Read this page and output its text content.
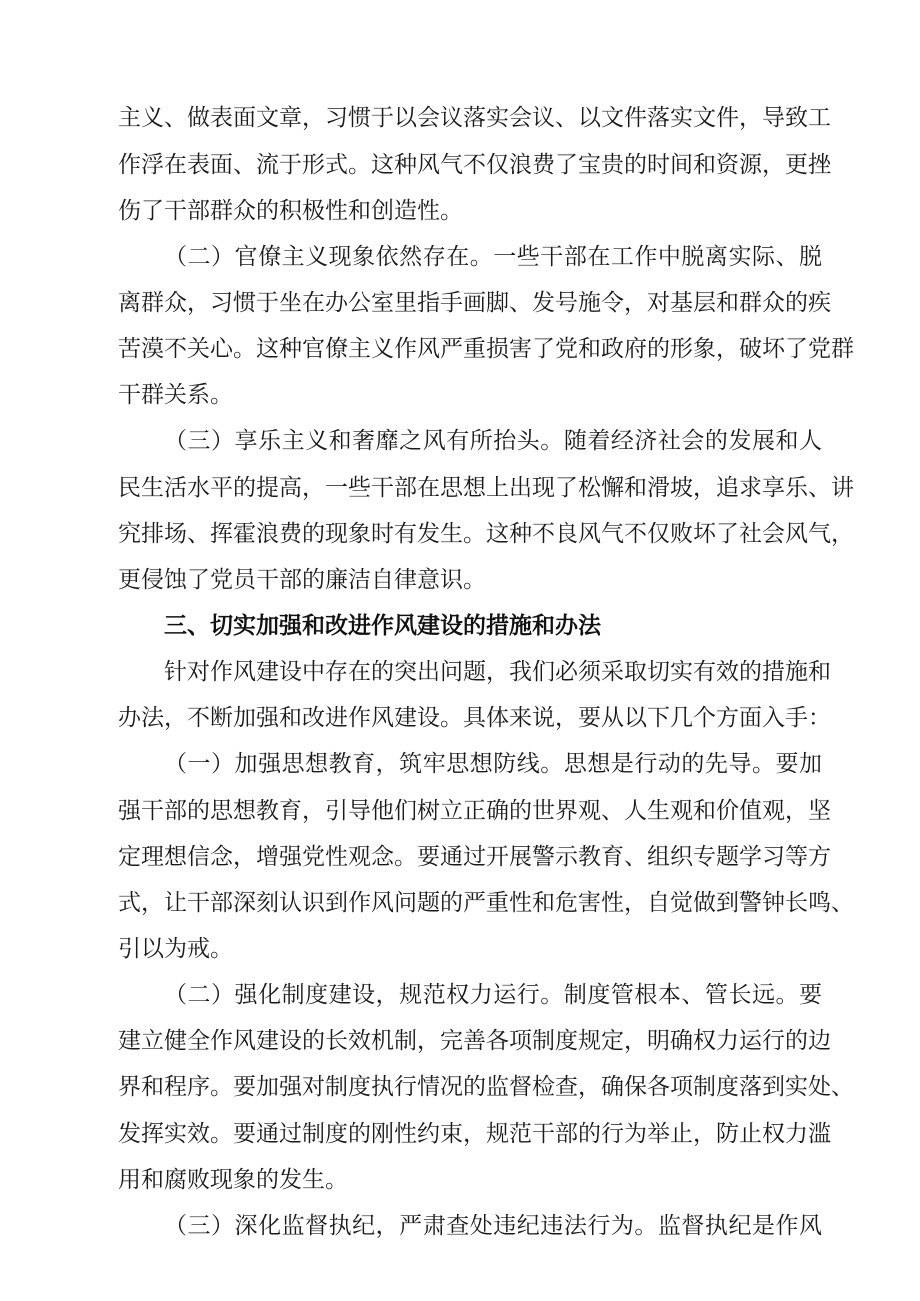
主义、做表面文章，习惯于以会议落实会议、以文件落实文件，导致工
作浮在表面、流于形式。这种风气不仅浪费了宝贵的时间和资源，更挫
伤了干部群众的积极性和创造性。
（二）官僚主义现象依然存在。一些干部在工作中脱离实际、脱
离群众，习惯于坐在办公室里指手画脚、发号施令，对基层和群众的疾
苦漠不关心。这种官僚主义作风严重损害了党和政府的形象，破坏了党群
干群关系。
（三）享乐主义和奢靡之风有所抬头。随着经济社会的发展和人
民生活水平的提高，一些干部在思想上出现了松懈和滑坡，追求享乐、讲
究排场、挥霍浪费的现象时有发生。这种不良风气不仅败坏了社会风气，
更侵蚀了党员干部的廉洁自律意识。
三、切实加强和改进作风建设的措施和办法
针对作风建设中存在的突出问题，我们必须采取切实有效的措施和
办法，不断加强和改进作风建设。具体来说，要从以下几个方面入手：
（一）加强思想教育，筑牢思想防线。思想是行动的先导。要加
强干部的思想教育，引导他们树立正确的世界观、人生观和价值观，坚
定理想信念，增强党性观念。要通过开展警示教育、组织专题学习等方
式，让干部深刻认识到作风问题的严重性和危害性，自觉做到警钟长鸣、
引以为戒。
（二）强化制度建设，规范权力运行。制度管根本、管长远。要
建立健全作风建设的长效机制，完善各项制度规定，明确权力运行的边
界和程序。要加强对制度执行情况的监督检查，确保各项制度落到实处、
发挥实效。要通过制度的刚性约束，规范干部的行为举止，防止权力滥
用和腐败现象的发生。
（三）深化监督执纪，严肃查处违纪违法行为。监督执纪是作风
